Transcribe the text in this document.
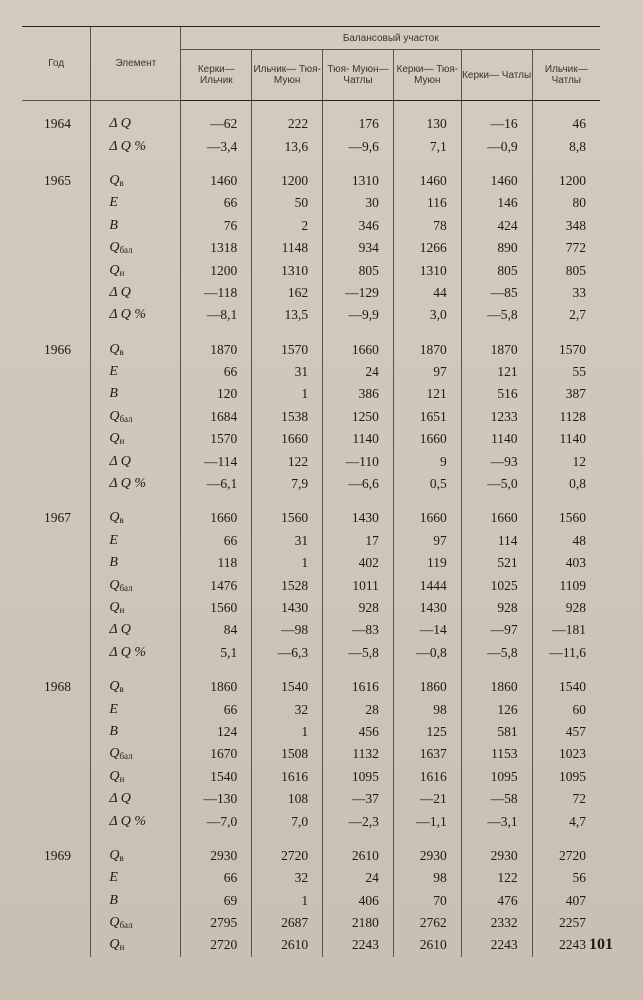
Год	Элемент	Балансовый участок					
		Керки— Ильчик	Ильчик— Тюя- Муюн	Тюя- Муюн— Чатлы	Керки— Тюя- Муюн	Керки— Чатлы	Ильчик— Чатлы

1964	Δ Q	—62	222	176	130	—16	46
	Δ Q %	—3,4	13,6	—9,6	7,1	—0,9	8,8

1965	$Q_в$	1460	1200	1310	1460	1460	1200
	E	66	50	30	116	146	80
	B	76	2	346	78	424	348
	$Q_{бал}$	1318	1148	934	1266	890	772
	$Q_н$	1200	1310	805	1310	805	805
	Δ Q	—118	162	—129	44	—85	33
	Δ Q %	—8,1	13,5	—9,9	3,0	—5,8	2,7

1966	$Q_в$	1870	1570	1660	1870	1870	1570
	E	66	31	24	97	121	55
	B	120	1	386	121	516	387
	$Q_{бал}$	1684	1538	1250	1651	1233	1128
	$Q_н$	1570	1660	1140	1660	1140	1140
	Δ Q	—114	122	—110	9	—93	12
	Δ Q %	—6,1	7,9	—6,6	0,5	—5,0	0,8

1967	$Q_в$	1660	1560	1430	1660	1660	1560
	E	66	31	17	97	114	48
	B	118	1	402	119	521	403
	$Q_{бал}$	1476	1528	1011	1444	1025	1109
	$Q_н$	1560	1430	928	1430	928	928
	Δ Q	84	—98	—83	—14	—97	—181
	Δ Q %	5,1	—6,3	—5,8	—0,8	—5,8	—11,6

1968	$Q_в$	1860	1540	1616	1860	1860	1540
	E	66	32	28	98	126	60
	B	124	1	456	125	581	457
	$Q_{бал}$	1670	1508	1132	1637	1153	1023
	$Q_н$	1540	1616	1095	1616	1095	1095
	Δ Q	—130	108	—37	—21	—58	72
	Δ Q %	—7,0	7,0	—2,3	—1,1	—3,1	4,7

1969	$Q_в$	2930	2720	2610	2930	2930	2720
	E	66	32	24	98	122	56
	B	69	1	406	70	476	407
	$Q_{бал}$	2795	2687	2180	2762	2332	2257
	$Q_н$	2720	2610	2243	2610	2243	2243 101
